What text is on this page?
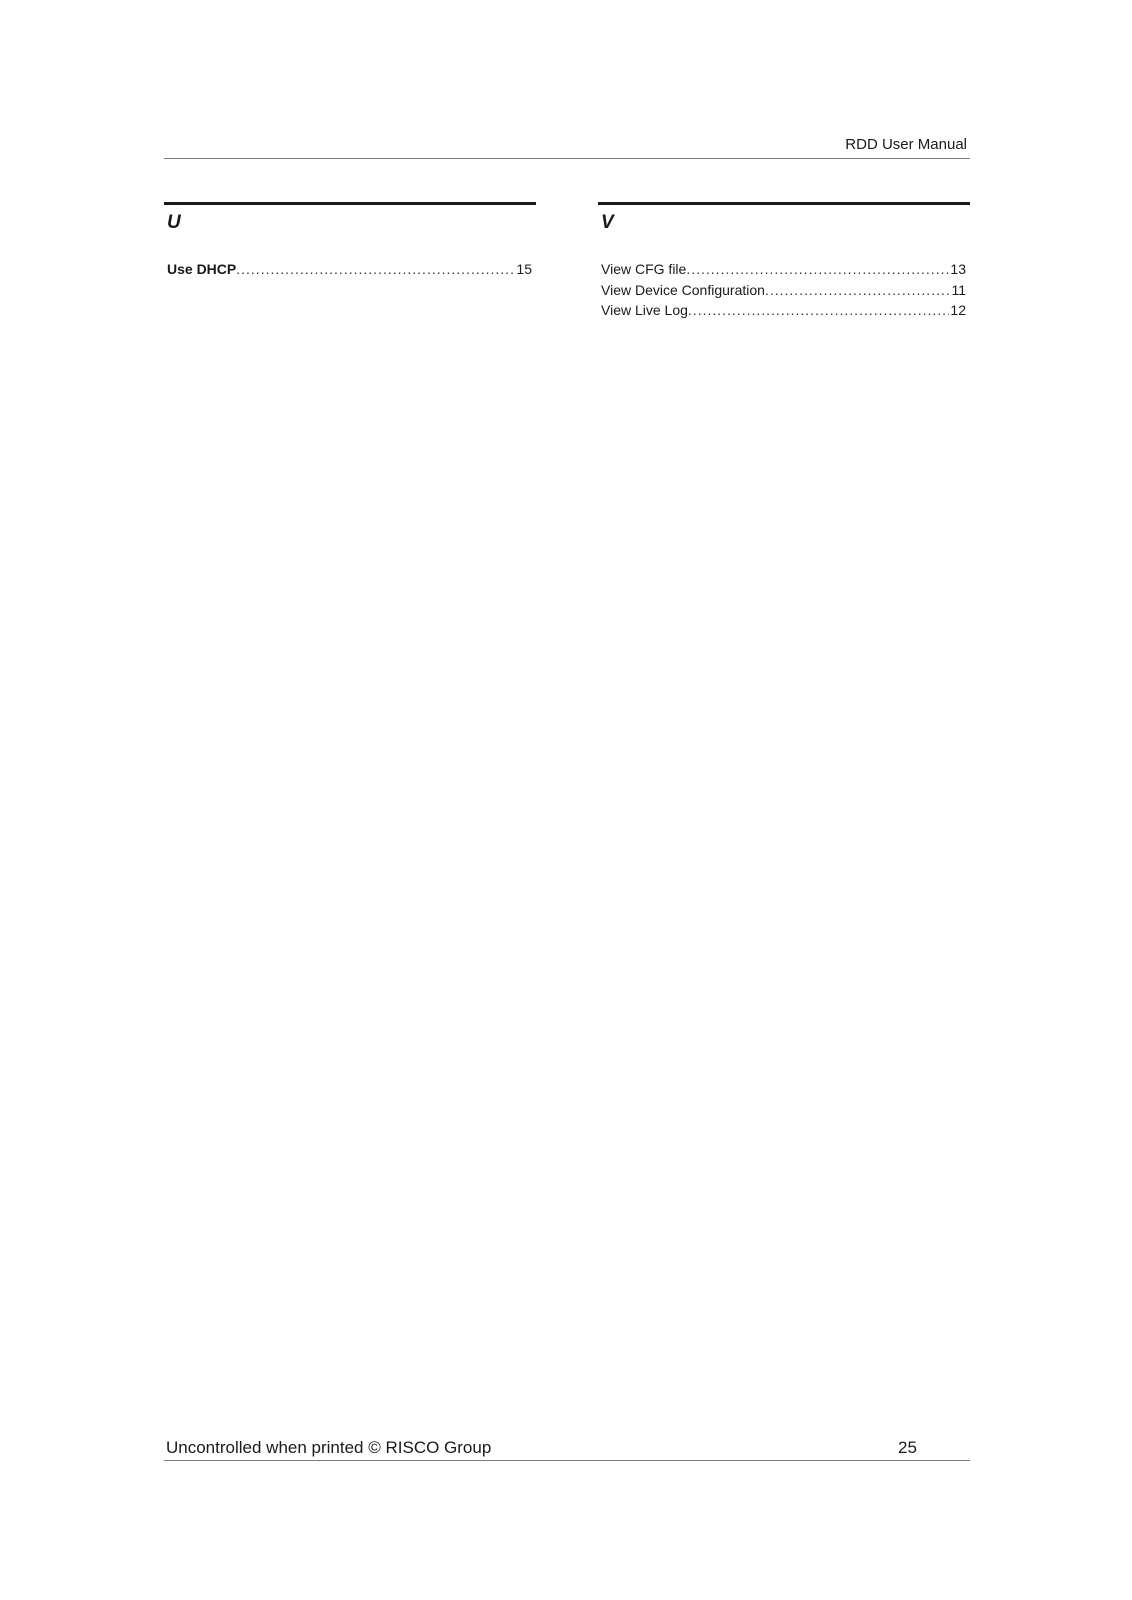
RDD User Manual
U
Use DHCP .....	15
V
View CFG file .....	13
View Device Configuration .....	11
View Live Log .....	12
Uncontrolled when printed © RISCO Group	25
